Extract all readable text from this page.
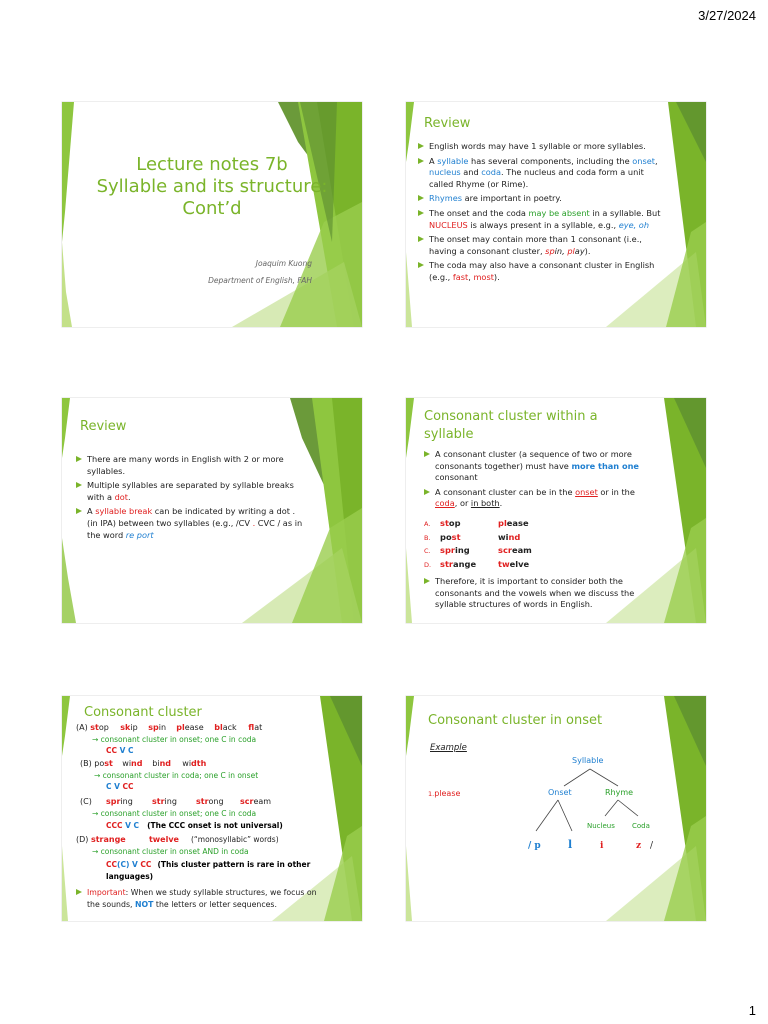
3/27/2024
Lecture notes 7b
Syllable and its structure:
Cont’d
Joaquim Kuong
Department of English, FAH
Review
English words may have 1 syllable or more syllables.
A syllable has several components, including the onset, nucleus and coda. The nucleus and coda form a unit called Rhyme (or Rime).
Rhymes are important in poetry.
The onset and the coda may be absent in a syllable. But NUCLEUS is always present in a syllable, e.g., eye, oh
The onset may contain more than 1 consonant (i.e., having a consonant cluster, spin, play).
The coda may also have a consonant cluster in English (e.g., fast, most).
Review
There are many words in English with 2 or more syllables.
Multiple syllables are separated by syllable breaks with a dot.
A syllable break can be indicated by writing a dot . (in IPA) between two syllables (e.g., /CV . CVC / as in the word re port
Consonant cluster within a
syllable
A consonant cluster (a sequence of two or more consonants together) must have more than one consonant
A consonant cluster can be in the onset or in the coda, or in both.
A. stop	please
B. post	wind
C. spring	scream
D. strange	twelve
Therefore, it is important to consider both the consonants and the vowels when we discuss the syllable structures of words in English.
Consonant cluster
(A) stop skip spin please black flat
→ consonant cluster in onset; one C in coda
CC V C
(B) post wind bind width
→ consonant cluster in coda; one C in onset
C V CC
(C)spring string strong scream
→ consonant cluster in onset; one C in coda
CCC V C (The CCC onset is not universal)
(D) strange	twelve (“monosyllabic” words)
→ consonant cluster in onset AND in coda
CC(C) V CC (This cluster pattern is rare in other languages)
Important: When we study syllable structures, we focus on the sounds, NOT the letters or letter sequences.
Consonant cluster in onset
Example
1.please
Syllable
Onset	Rhyme
Nucleus Coda
/ p l	i	z /
1
